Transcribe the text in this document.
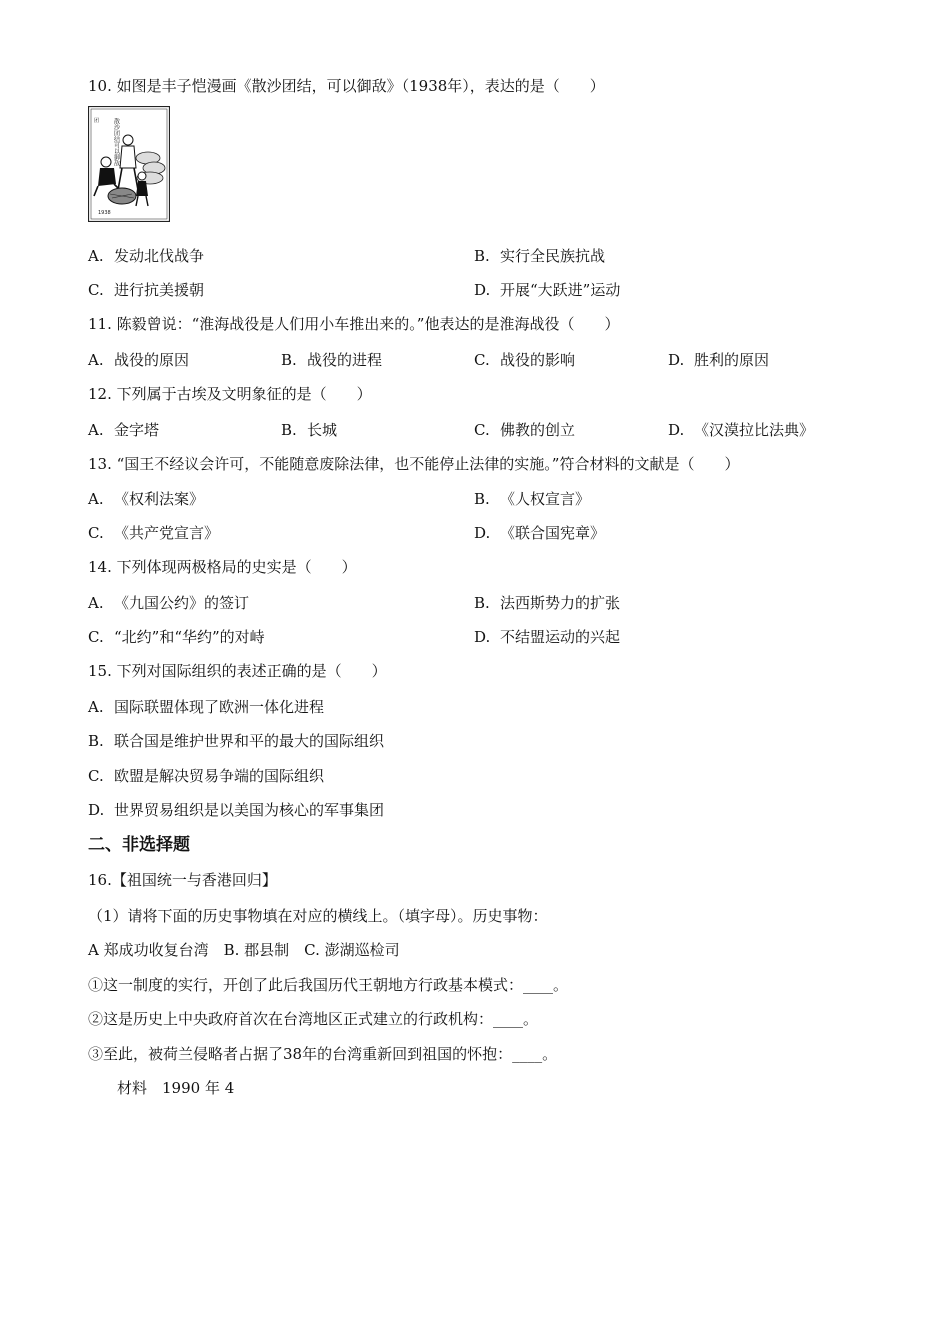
10. 如图是丰子恺漫画《散沙团结，可以御敌》（1938年），表达的是（　　）
散沙团结可以御敌
团
1938
A. 发动北伐战争	B. 实行全民族抗战
C. 进行抗美援朝	D. 开展“大跃进”运动
11. 陈毅曾说：“淮海战役是人们用小车推出来的。”他表达的是淮海战役（　　）
A. 战役的原因	B. 战役的进程	C. 战役的影响	D. 胜利的原因
12. 下列属于古埃及文明象征的是（　　）
A. 金字塔	B. 长城	C. 佛教的创立	D. 《汉漠拉比法典》
13. “国王不经议会许可，不能随意废除法律，也不能停止法律的实施。”符合材料的文献是（　　）
A. 《权利法案》	B. 《人权宣言》
C. 《共产党宣言》	D. 《联合国宪章》
14. 下列体现两极格局的史实是（　　）
A. 《九国公约》的签订	B. 法西斯势力的扩张
C. “北约”和“华约”的对峙	D. 不结盟运动的兴起
15. 下列对国际组织的表述正确的是（　　）
A. 国际联盟体现了欧洲一体化进程
B. 联合国是维护世界和平的最大的国际组织
C. 欧盟是解决贸易争端的国际组织
D. 世界贸易组织是以美国为核心的军事集团
二、非选择题
16.【祖国统一与香港回归】
（1）请将下面的历史事物填在对应的横线上。（填字母）。历史事物：
A 郑成功收复台湾　B. 郡县制　C. 澎湖巡检司
①这一制度的实行，开创了此后我国历代王朝地方行政基本模式：____。
②这是历史上中央政府首次在台湾地区正式建立的行政机构：____。
③至此，被荷兰侵略者占据了38年的台湾重新回到祖国的怀抱：____。
材料　1990 年 4
